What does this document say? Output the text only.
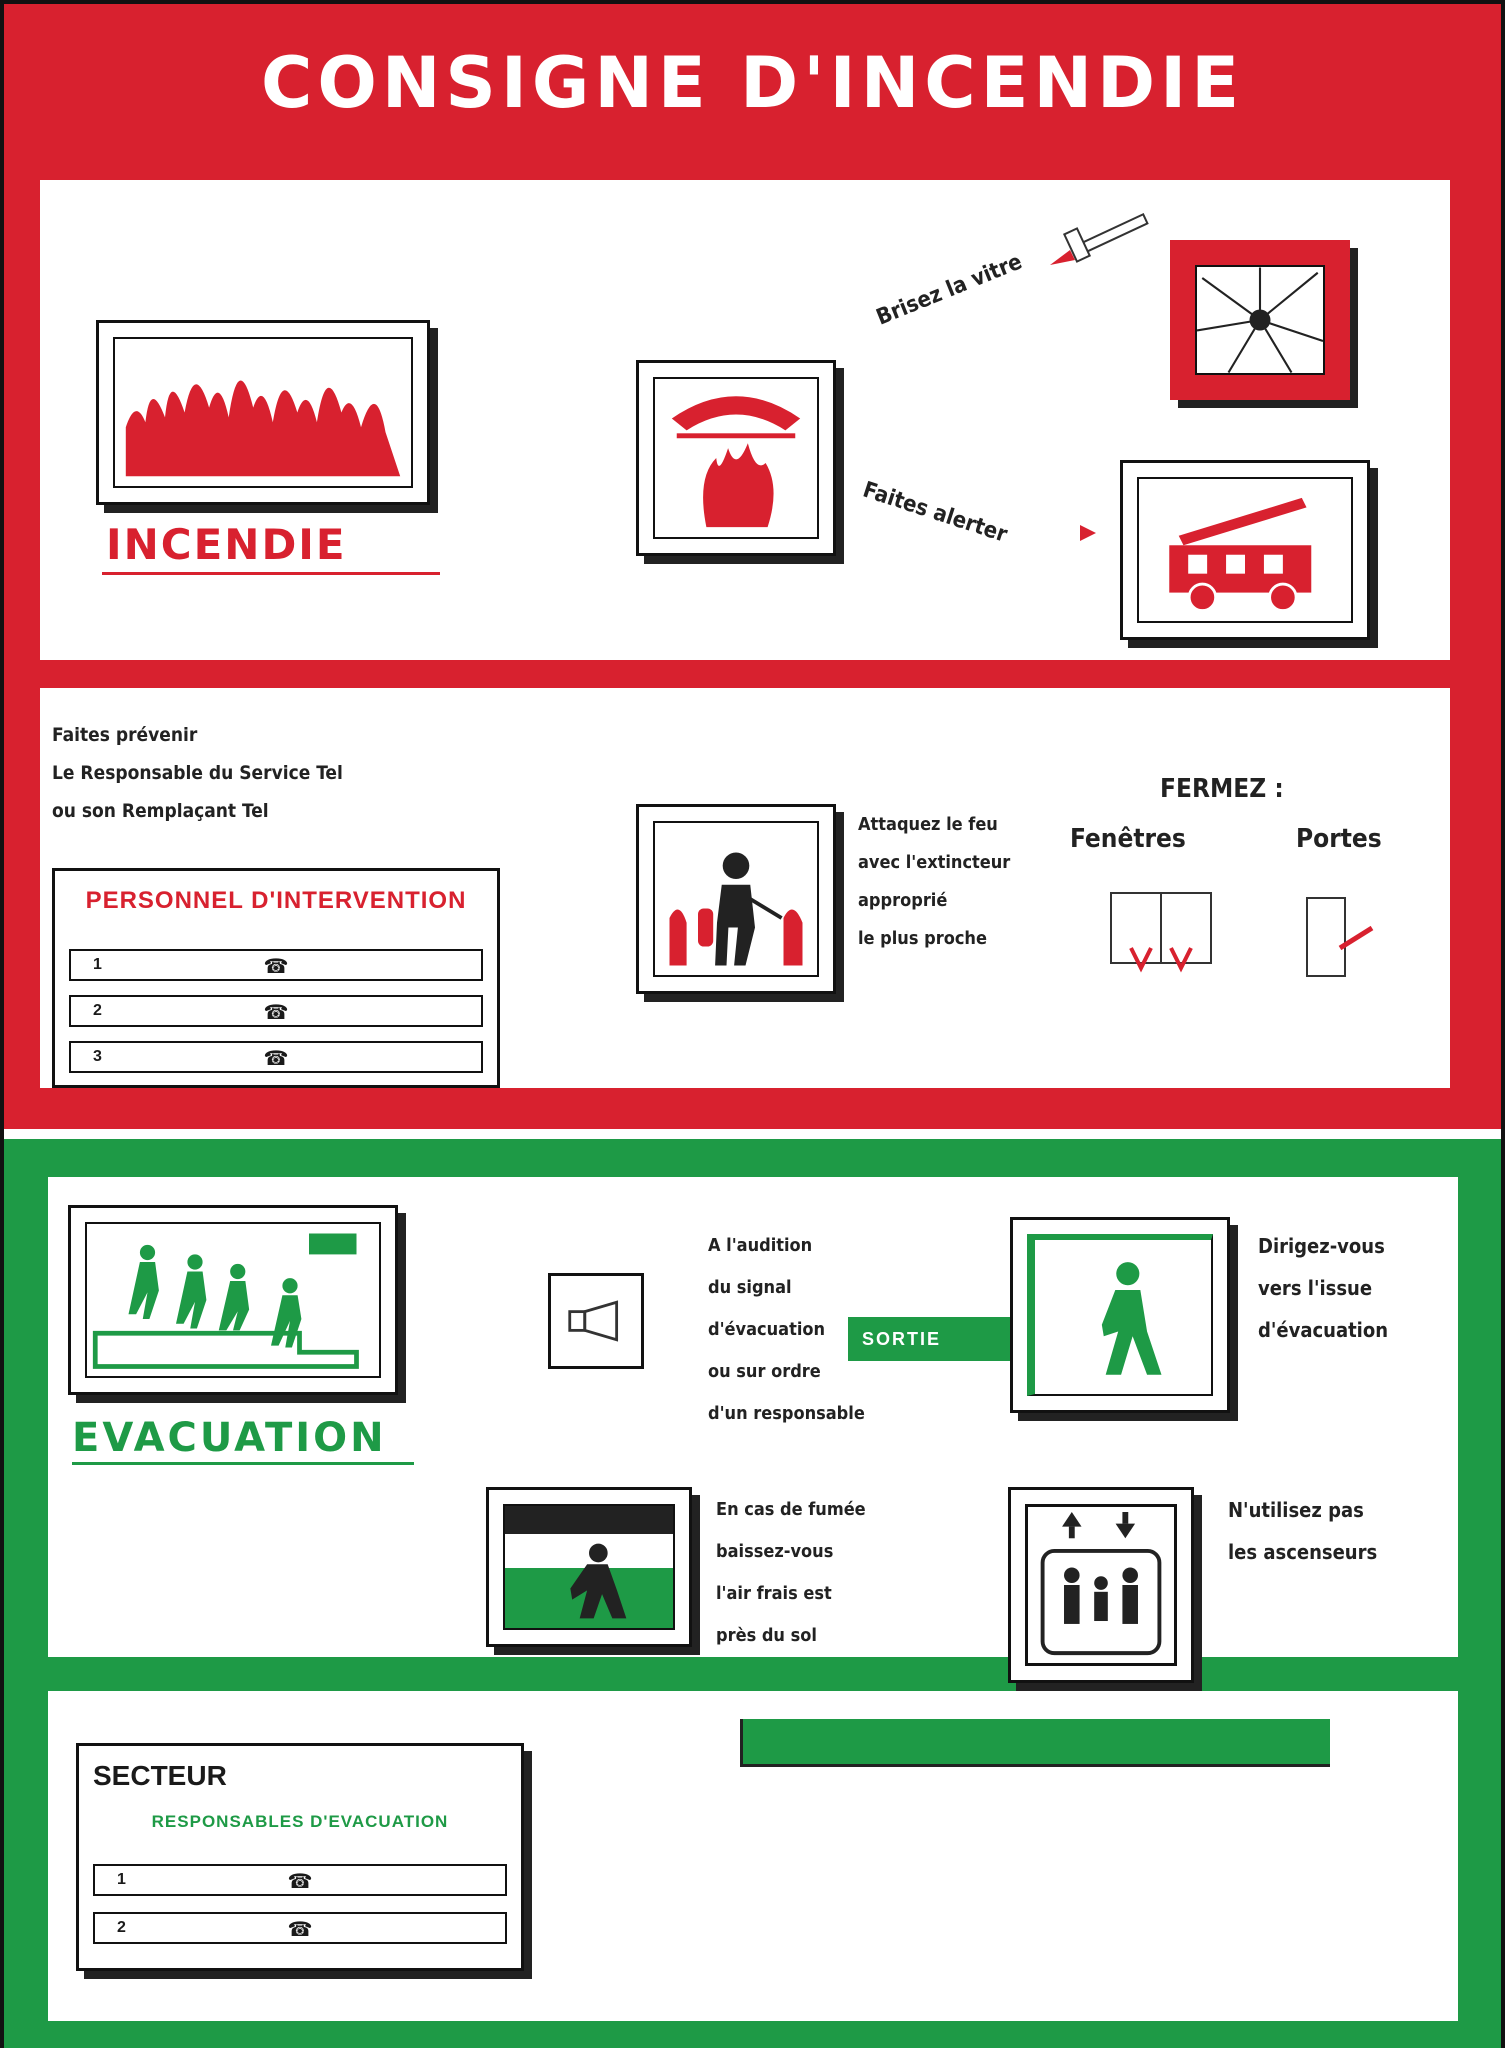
CONSIGNE D'INCENDIE
INCENDIE
Brisez la vitre
Faites alerter
Faites prévenir
Le Responsable du Service Tel
ou son Remplaçant Tel
PERSONNEL D'INTERVENTION
1	☎
2	☎
3	☎
Attaquez le feu
avec l'extincteur
approprié
le plus proche
FERMEZ :
Fenêtres	Portes
EVACUATION
A l'audition
du signal
d'évacuation
ou sur ordre
d'un responsable
SORTIE
Dirigez-vous
vers l'issue
d'évacuation
En cas de fumée
baissez-vous
l'air frais est
près du sol
N'utilisez pas
les ascenseurs
SECTEUR
RESPONSABLES D'EVACUATION
1	☎
2	☎
